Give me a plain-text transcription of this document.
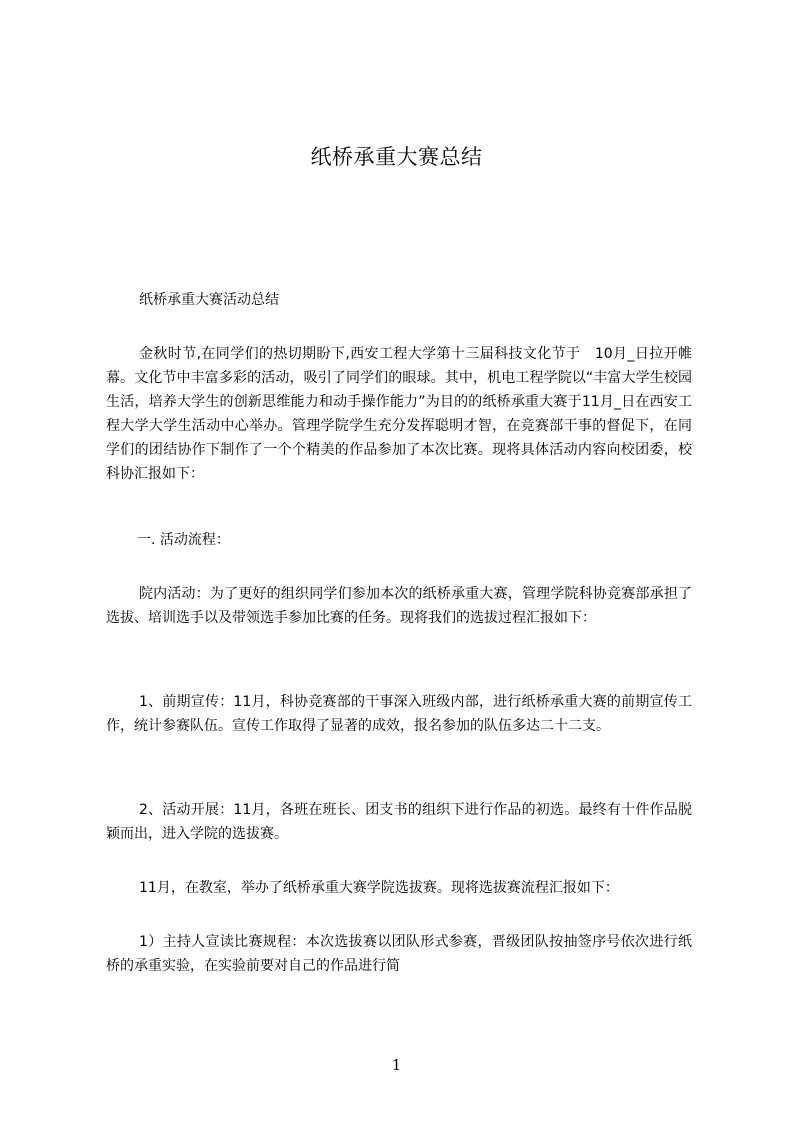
纸桥承重大赛总结

纸桥承重大赛活动总结

金秋时节,在同学们的热切期盼下,西安工程大学第十三届科技文化节于　10月_日拉开帷幕。文化节中丰富多彩的活动，吸引了同学们的眼球。其中，机电工程学院以“丰富大学生校园生活，培养大学生的创新思维能力和动手操作能力”为目的的纸桥承重大赛于11月_日在西安工程大学大学生活动中心举办。管理学院学生充分发挥聪明才智，在竞赛部干事的督促下，在同学们的团结协作下制作了一个个精美的作品参加了本次比赛。现将具体活动内容向校团委，校科协汇报如下：

一. 活动流程：

院内活动：为了更好的组织同学们参加本次的纸桥承重大赛，管理学院科协竞赛部承担了选拔、培训选手以及带领选手参加比赛的任务。现将我们的选拔过程汇报如下：

1、前期宣传：11月，科协竞赛部的干事深入班级内部，进行纸桥承重大赛的前期宣传工作，统计参赛队伍。宣传工作取得了显著的成效，报名参加的队伍多达二十二支。

2、活动开展：11月，各班在班长、团支书的组织下进行作品的初选。最终有十件作品脱颖而出，进入学院的选拔赛。

11月，在教室，举办了纸桥承重大赛学院选拔赛。现将选拔赛流程汇报如下：

1）主持人宣读比赛规程：本次选拔赛以团队形式参赛，晋级团队按抽签序号依次进行纸桥的承重实验，在实验前要对自己的作品进行简

1
